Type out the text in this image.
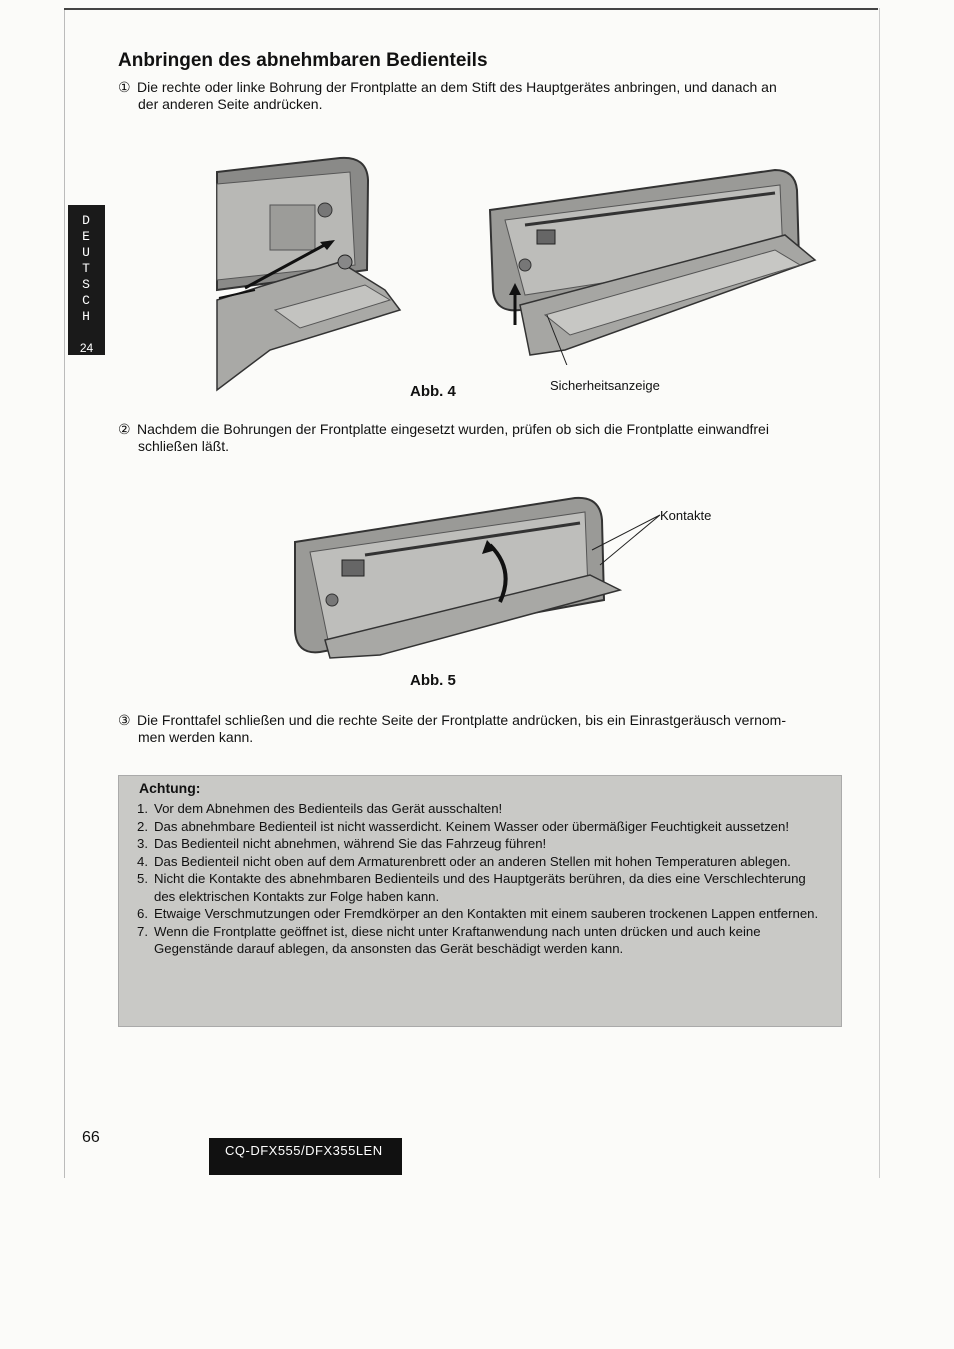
D
E
U
T
S
C
H
24
Anbringen des abnehmbaren Bedienteils
① Die rechte oder linke Bohrung der Frontplatte an dem Stift des Hauptgerätes anbringen, und danach an
der anderen Seite andrücken.
Abb. 4	Sicherheitsanzeige
② Nachdem die Bohrungen der Frontplatte eingesetzt wurden, prüfen ob sich die Frontplatte einwandfrei
schließen läßt.
Kontakte
Abb. 5
③ Die Fronttafel schließen und die rechte Seite der Frontplatte andrücken, bis ein Einrastgeräusch vernom-
men werden kann.
Achtung:
1. Vor dem Abnehmen des Bedienteils das Gerät ausschalten!
2. Das abnehmbare Bedienteil ist nicht wasserdicht. Keinem Wasser oder übermäßiger Feuchtigkeit aussetzen!
3. Das Bedienteil nicht abnehmen, während Sie das Fahrzeug führen!
4. Das Bedienteil nicht oben auf dem Armaturenbrett oder an anderen Stellen mit hohen Temperaturen ablegen.
5. Nicht die Kontakte des abnehmbaren Bedienteils und des Hauptgeräts berühren, da dies eine Verschlechterung des elektrischen Kontakts zur Folge haben kann.
6. Etwaige Verschmutzungen oder Fremdkörper an den Kontakten mit einem sauberen trockenen Lappen entfernen.
7. Wenn die Frontplatte geöffnet ist, diese nicht unter Kraftanwendung nach unten drücken und auch keine Gegenstände darauf ablegen, da ansonsten das Gerät beschädigt werden kann.
66
CQ-DFX555/DFX355LEN
